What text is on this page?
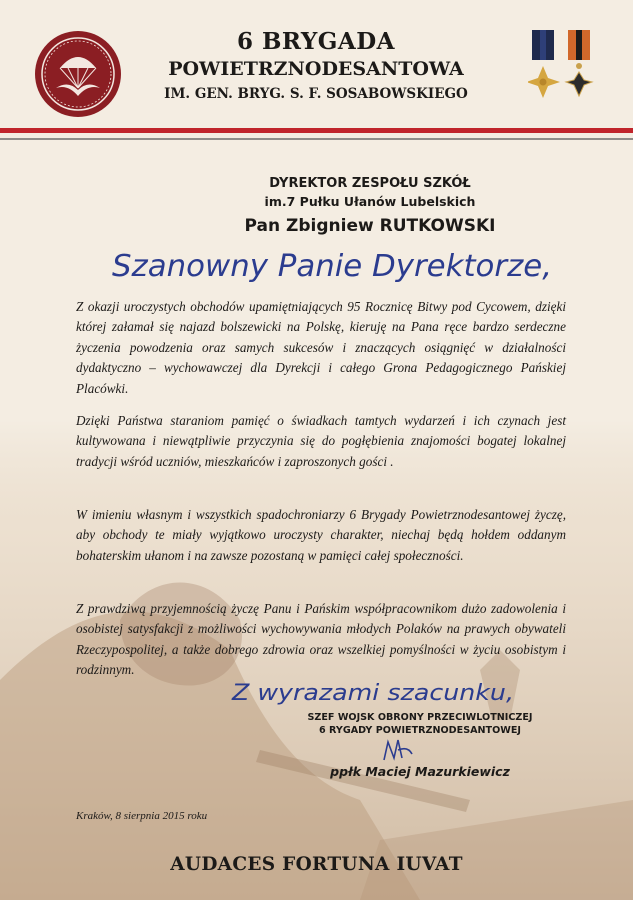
6 BRYGADA
POWIETRZNODESANTOWA
IM. GEN. BRYG. S. F. SOSABOWSKIEGO
DYREKTOR ZESPOŁU SZKÓŁ
im.7 Pułku Ułanów Lubelskich
Pan Zbigniew RUTKOWSKI
Szanowny Panie Dyrektorze,
Z okazji uroczystych obchodów upamiętniających 95 Rocznicę Bitwy pod Cycowem, dzięki której załamał się najazd bolszewicki na Polskę, kieruję na Pana ręce bardzo serdeczne życzenia powodzenia oraz samych sukcesów i znaczących osiągnięć w działalności dydaktyczno – wychowawczej dla Dyrekcji i całego Grona Pedagogicznego Pańskiej Placówki.
Dzięki Państwa staraniom pamięć o świadkach tamtych wydarzeń i ich czynach jest kultywowana i niewątpliwie przyczynia się do pogłębienia znajomości bogatej lokalnej tradycji wśród uczniów, mieszkańców i zaproszonych gości .
W imieniu własnym i wszystkich spadochroniarzy 6 Brygady Powietrznodesantowej życzę, aby obchody te miały wyjątkowo uroczysty charakter, niechaj będą hołdem oddanym bohaterskim ułanom i na zawsze pozostaną w pamięci całej społeczności.
Z prawdziwą przyjemnością życzę Panu i Pańskim współpracownikom dużo zadowolenia i osobistej satysfakcji z możliwości wychowywania młodych Polaków na prawych obywateli Rzeczypospolitej, a także dobrego zdrowia oraz wszelkiej pomyślności w życiu osobistym i rodzinnym.
Z wyrazami szacunku,
SZEF WOJSK OBRONY PRZECIWLOTNICZEJ
6 RYGADY POWIETRZNODESANTOWEJ
ppłk Maciej Mazurkiewicz
Kraków, 8 sierpnia 2015 roku
AUDACES FORTUNA IUVAT
